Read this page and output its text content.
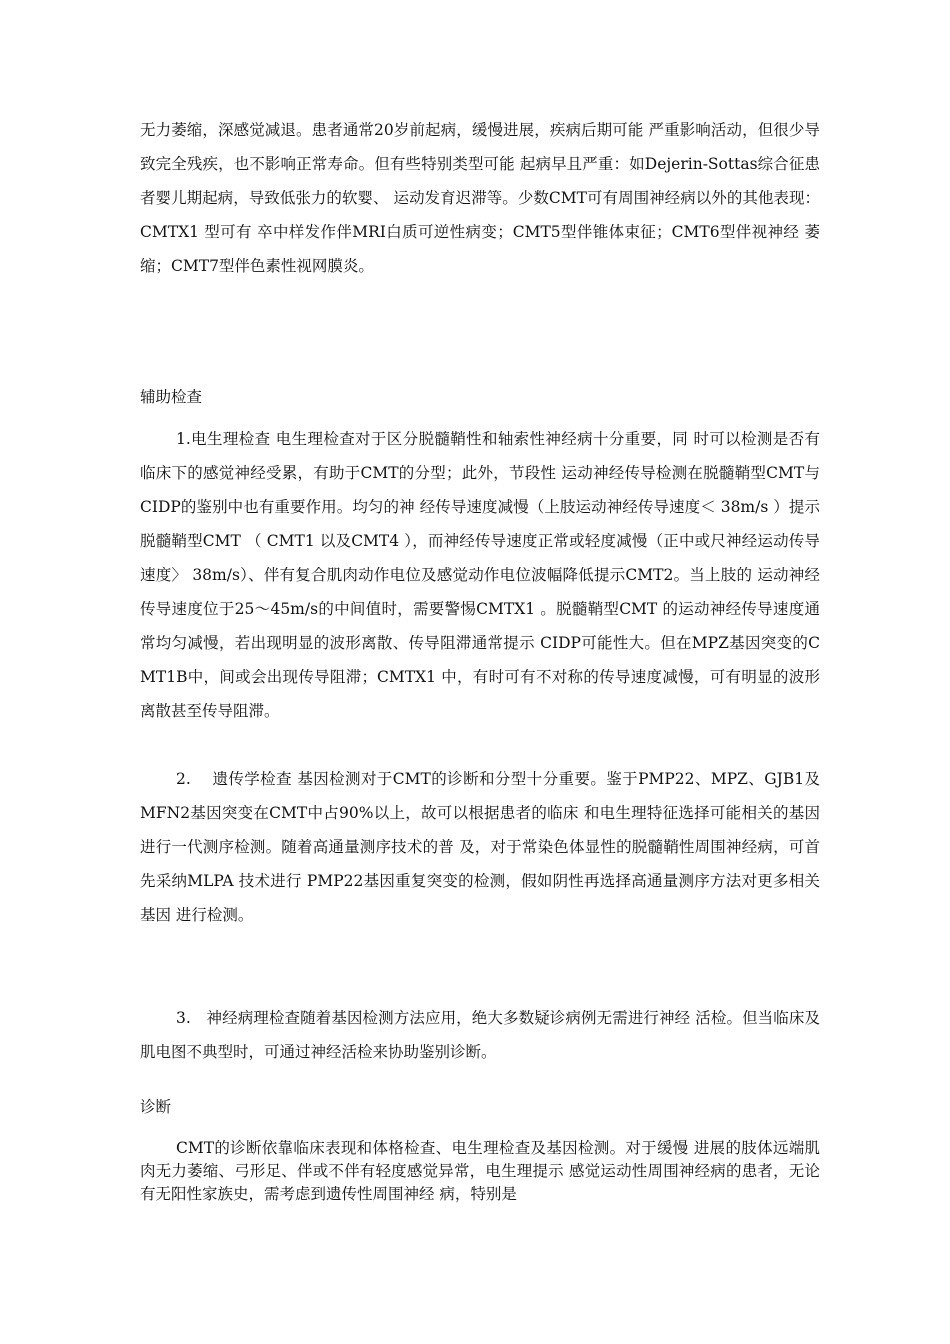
无力萎缩，深感觉减退。患者通常20岁前起病，缓慢进展，疾病后期可能 严重影响活动，但很少导致完全残疾，也不影响正常寿命。但有些特别类型可能 起病早且严重：如Dejerin-Sottas综合征患者婴儿期起病，导致低张力的软婴、 运动发育迟滞等。少数CMT可有周围神经病以外的其他表现：CMTX1 型可有 卒中样发作伴MRI白质可逆性病变；CMT5型伴锥体束征；CMT6型伴视神经 萎缩；CMT7型伴色素性视网膜炎。

辅助检查

1.电生理检查 电生理检查对于区分脱髓鞘性和轴索性神经病十分重要，同 时可以检测是否有临床下的感觉神经受累，有助于CMT的分型；此外，节段性 运动神经传导检测在脱髓鞘型CMT与CIDP的鉴别中也有重要作用。均匀的神 经传导速度减慢（上肢运动神经传导速度＜ 38m/s ）提示脱髓鞘型CMT （ CMT1 以及CMT4 ），而神经传导速度正常或轻度减慢（正中或尺神经运动传导速度〉 38m/s）、伴有复合肌肉动作电位及感觉动作电位波幅降低提示CMT2。当上肢的 运动神经传导速度位于25〜45m/s的中间值时，需要警惕CMTX1 。脱髓鞘型CMT 的运动神经传导速度通常均匀减慢，若出现明显的波形离散、传导阻滞通常提示 CIDP可能性大。但在MPZ基因突变的CMT1B中，间或会出现传导阻滞；CMTX1 中，有时可有不对称的传导速度减慢，可有明显的波形离散甚至传导阻滞。

2.　 遗传学检查 基因检测对于CMT的诊断和分型十分重要。鉴于PMP22、MPZ、GJB1及MFN2基因突变在CMT中占90%以上，故可以根据患者的临床 和电生理特征选择可能相关的基因进行一代测序检测。随着高通量测序技术的普 及，对于常染色体显性的脱髓鞘性周围神经病，可首先采纳MLPA 技术进行 PMP22基因重复突变的检测，假如阴性再选择高通量测序方法对更多相关基因 进行检测。

3.　神经病理检查随着基因检测方法应用，绝大多数疑诊病例无需进行神经 活检。但当临床及肌电图不典型时，可通过神经活检来协助鉴别诊断。

诊断

CMT的诊断依靠临床表现和体格检查、电生理检查及基因检测。对于缓慢 进展的肢体远端肌肉无力萎缩、弓形足、伴或不伴有轻度感觉异常，电生理提示 感觉运动性周围神经病的患者，无论有无阳性家族史，需考虑到遗传性周围神经 病，特别是
